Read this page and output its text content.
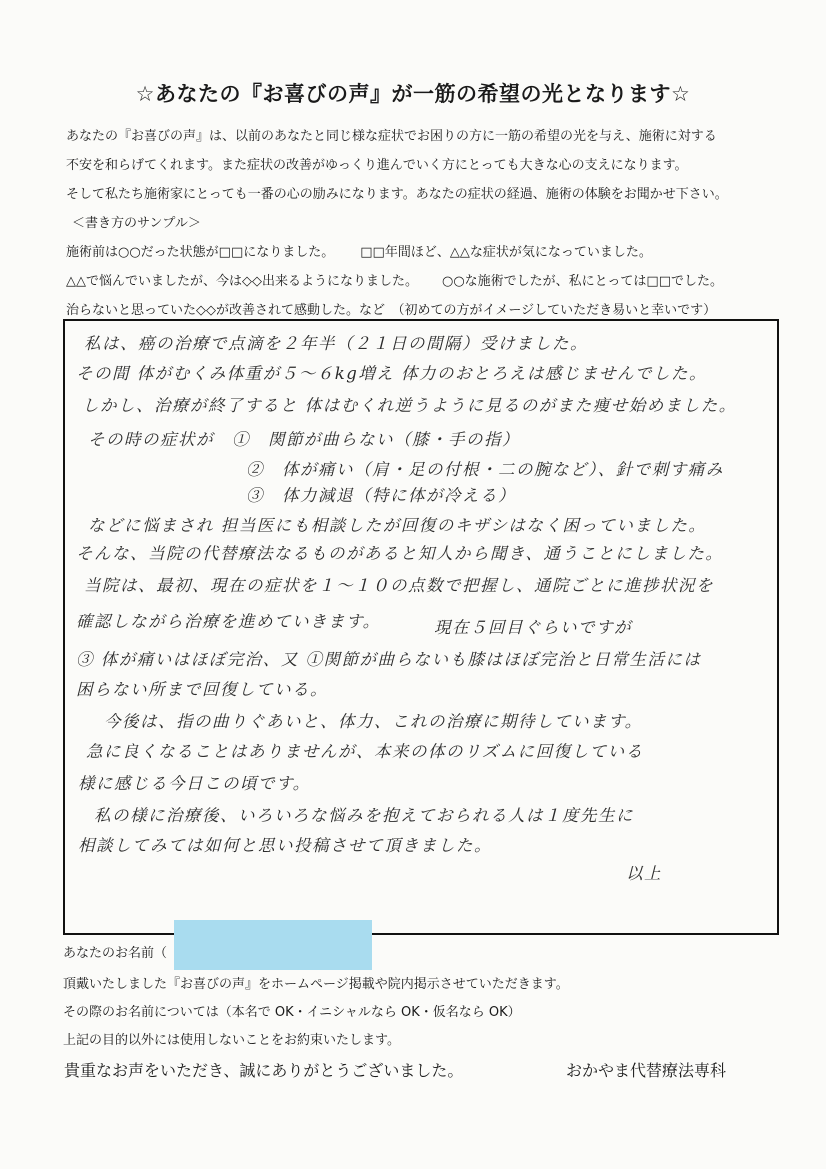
☆あなたの『お喜びの声』が一筋の希望の光となります☆
あなたの『お喜びの声』は、以前のあなたと同じ様な症状でお困りの方に一筋の希望の光を与え、施術に対する
不安を和らげてくれます。また症状の改善がゆっくり進んでいく方にとっても大きな心の支えになります。
そして私たち施術家にとっても一番の心の励みになります。あなたの症状の経過、施術の体験をお聞かせ下さい。
＜書き方のサンプル＞
施術前は○○だった状態が□□になりました。 □□年間ほど、△△な症状が気になっていました。
△△で悩んでいましたが、今は◇◇出来るようになりました。 ○○な施術でしたが、私にとっては□□でした。
治らないと思っていた◇◇が改善されて感動した。など　（初めての方がイメージしていただき易いと幸いです）
私は、癌の治療で点滴を２年半（２１日の間隔）受けました。
その間 体がむくみ体重が５〜６kg増え 体力のおとろえは感じませんでした。
しかし、治療が終了すると 体はむくれ逆うように見るのがまた痩せ始めました。
その時の症状が　①　関節が曲らない（膝・手の指）
②　体が痛い（肩・足の付根・二の腕など）、針で刺す痛み
③　体力減退（特に体が冷える）
などに悩まされ 担当医にも相談したが回復のキザシはなく困っていました。
そんな、当院の代替療法なるものがあると知人から聞き、通うことにしました。
当院は、最初、現在の症状を１〜１０の点数で把握し、通院ごとに進捗状況を
確認しながら治療を進めていきます。	現在５回目ぐらいですが
③ 体が痛いはほぼ完治、又 ①関節が曲らないも膝はほぼ完治と日常生活には
困らない所まで回復している。
今後は、指の曲りぐあいと、体力、これの治療に期待しています。
急に良くなることはありませんが、本来の体のリズムに回復している
様に感じる今日この頃です。
私の様に治療後、いろいろな悩みを抱えておられる人は１度先生に
相談してみては如何と思い投稿させて頂きました。
以上
あなたのお名前（
頂戴いたしました『お喜びの声』をホームページ掲載や院内掲示させていただきます。
その際のお名前については（本名で OK・イニシャルなら OK・仮名なら OK）
上記の目的以外には使用しないことをお約束いたします。
貴重なお声をいただき、誠にありがとうございました。	おかやま代替療法専科
